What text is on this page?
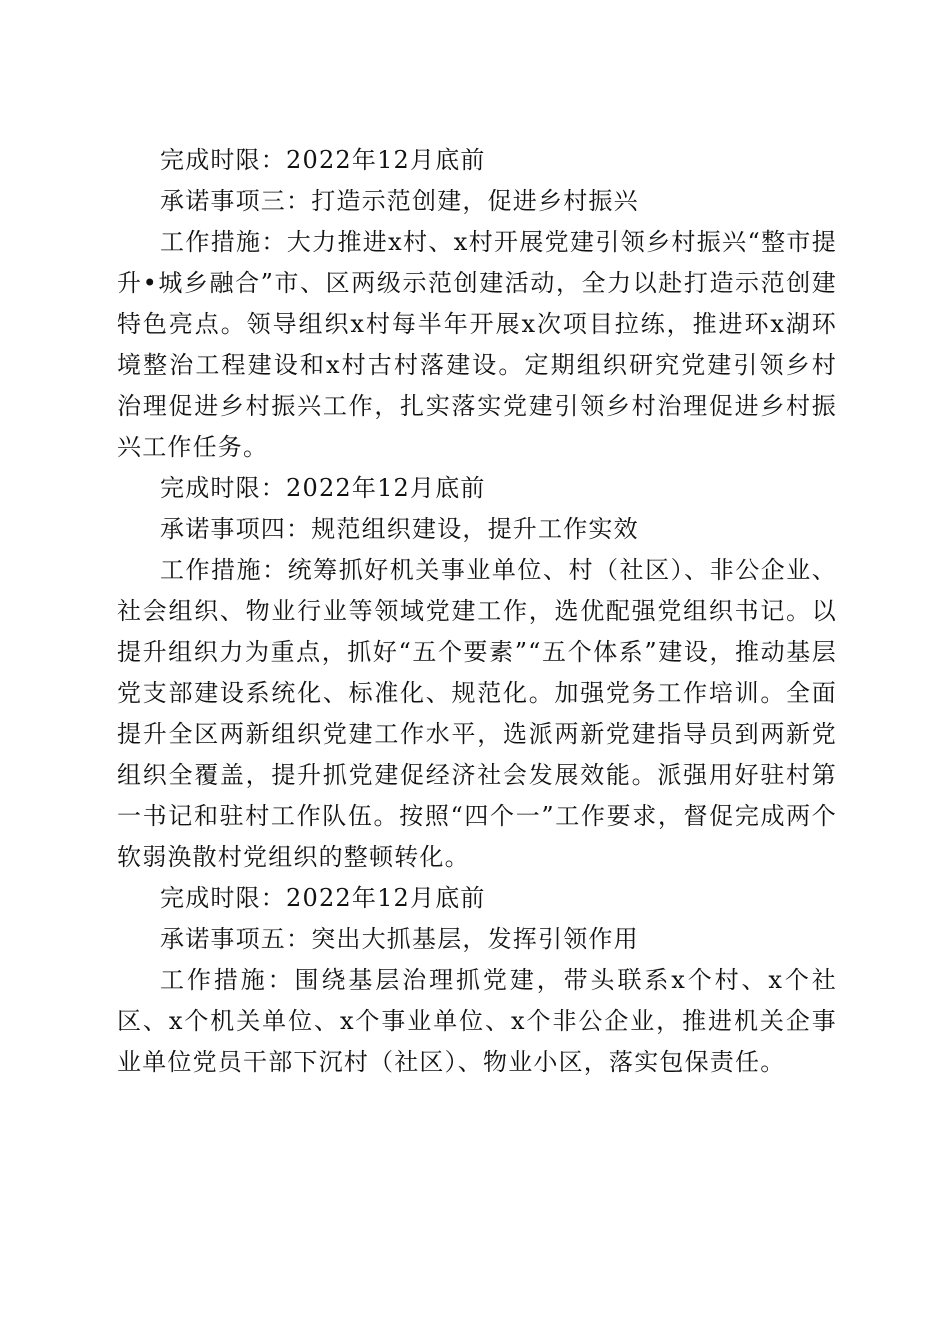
完成时限：2022年12月底前

承诺事项三：打造示范创建，促进乡村振兴

工作措施：大力推进x村、x村开展党建引领乡村振兴“整市提升•城乡融合”市、区两级示范创建活动，全力以赴打造示范创建特色亮点。领导组织x村每半年开展x次项目拉练，推进环x湖环境整治工程建设和x村古村落建设。定期组织研究党建引领乡村治理促进乡村振兴工作，扎实落实党建引领乡村治理促进乡村振兴工作任务。

完成时限：2022年12月底前

承诺事项四：规范组织建设，提升工作实效

工作措施：统筹抓好机关事业单位、村（社区）、非公企业、社会组织、物业行业等领域党建工作，选优配强党组织书记。以提升组织力为重点，抓好“五个要素”“五个体系”建设，推动基层党支部建设系统化、标准化、规范化。加强党务工作培训。全面提升全区两新组织党建工作水平，选派两新党建指导员到两新党组织全覆盖，提升抓党建促经济社会发展效能。派强用好驻村第一书记和驻村工作队伍。按照“四个一”工作要求，督促完成两个软弱涣散村党组织的整顿转化。

完成时限：2022年12月底前

承诺事项五：突出大抓基层，发挥引领作用

工作措施：围绕基层治理抓党建，带头联系x个村、x个社区、x个机关单位、x个事业单位、x个非公企业，推进机关企事业单位党员干部下沉村（社区）、物业小区，落实包保责任。
